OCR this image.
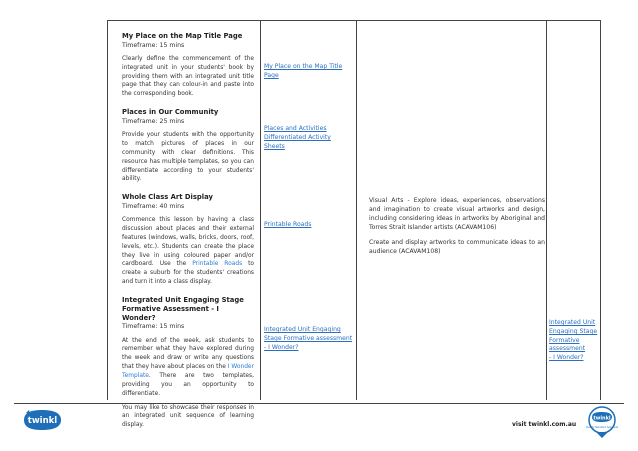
My Place on the Map Title Page
Timeframe: 15 mins

Clearly define the commencement of the integrated unit in your students' book by providing them with an integrated unit title page that they can colour-in and paste into the corresponding book.

Places in Our Community
Timeframe: 25 mins

Provide your students with the opportunity to match pictures of places in our community with clear definitions. This resource has multiple templates, so you can differentiate according to your students' ability.

Whole Class Art Display
Timeframe: 40 mins

Commence this lesson by having a class discussion about places and their external features (windows, walls, bricks, doors, roof, levels, etc.). Students can create the place they live in using coloured paper and/or cardboard. Use the Printable Roads to create a suburb for the students' creations and turn it into a class display.

Integrated Unit Engaging Stage Formative Assessment - I Wonder?
Timeframe: 15 mins

At the end of the week, ask students to remember what they have explored during the week and draw or write any questions that they have about places on the I Wonder Template. There are two templates, providing you an opportunity to differentiate.

You may like to showcase their responses in an integrated unit sequence of learning display.

My Place on the Map Title Page
Places and Activities
Differentiated Activity
Sheets
Printable Roads
Integrated Unit Engaging
Stage Formative assessment
- I Wonder?

Visual Arts - Explore ideas, experiences, observations and imagination to create visual artworks and design, including considering ideas in artworks by Aboriginal and Torres Strait Islander artists (ACAVAM106)

Create and display artworks to communicate ideas to an audience (ACAVAM108)

Integrated Unit
Engaging Stage
Formative
assessment
- I Wonder?
twinkl	visit twinkl.com.au
twinkl
Quality Standard Approved
